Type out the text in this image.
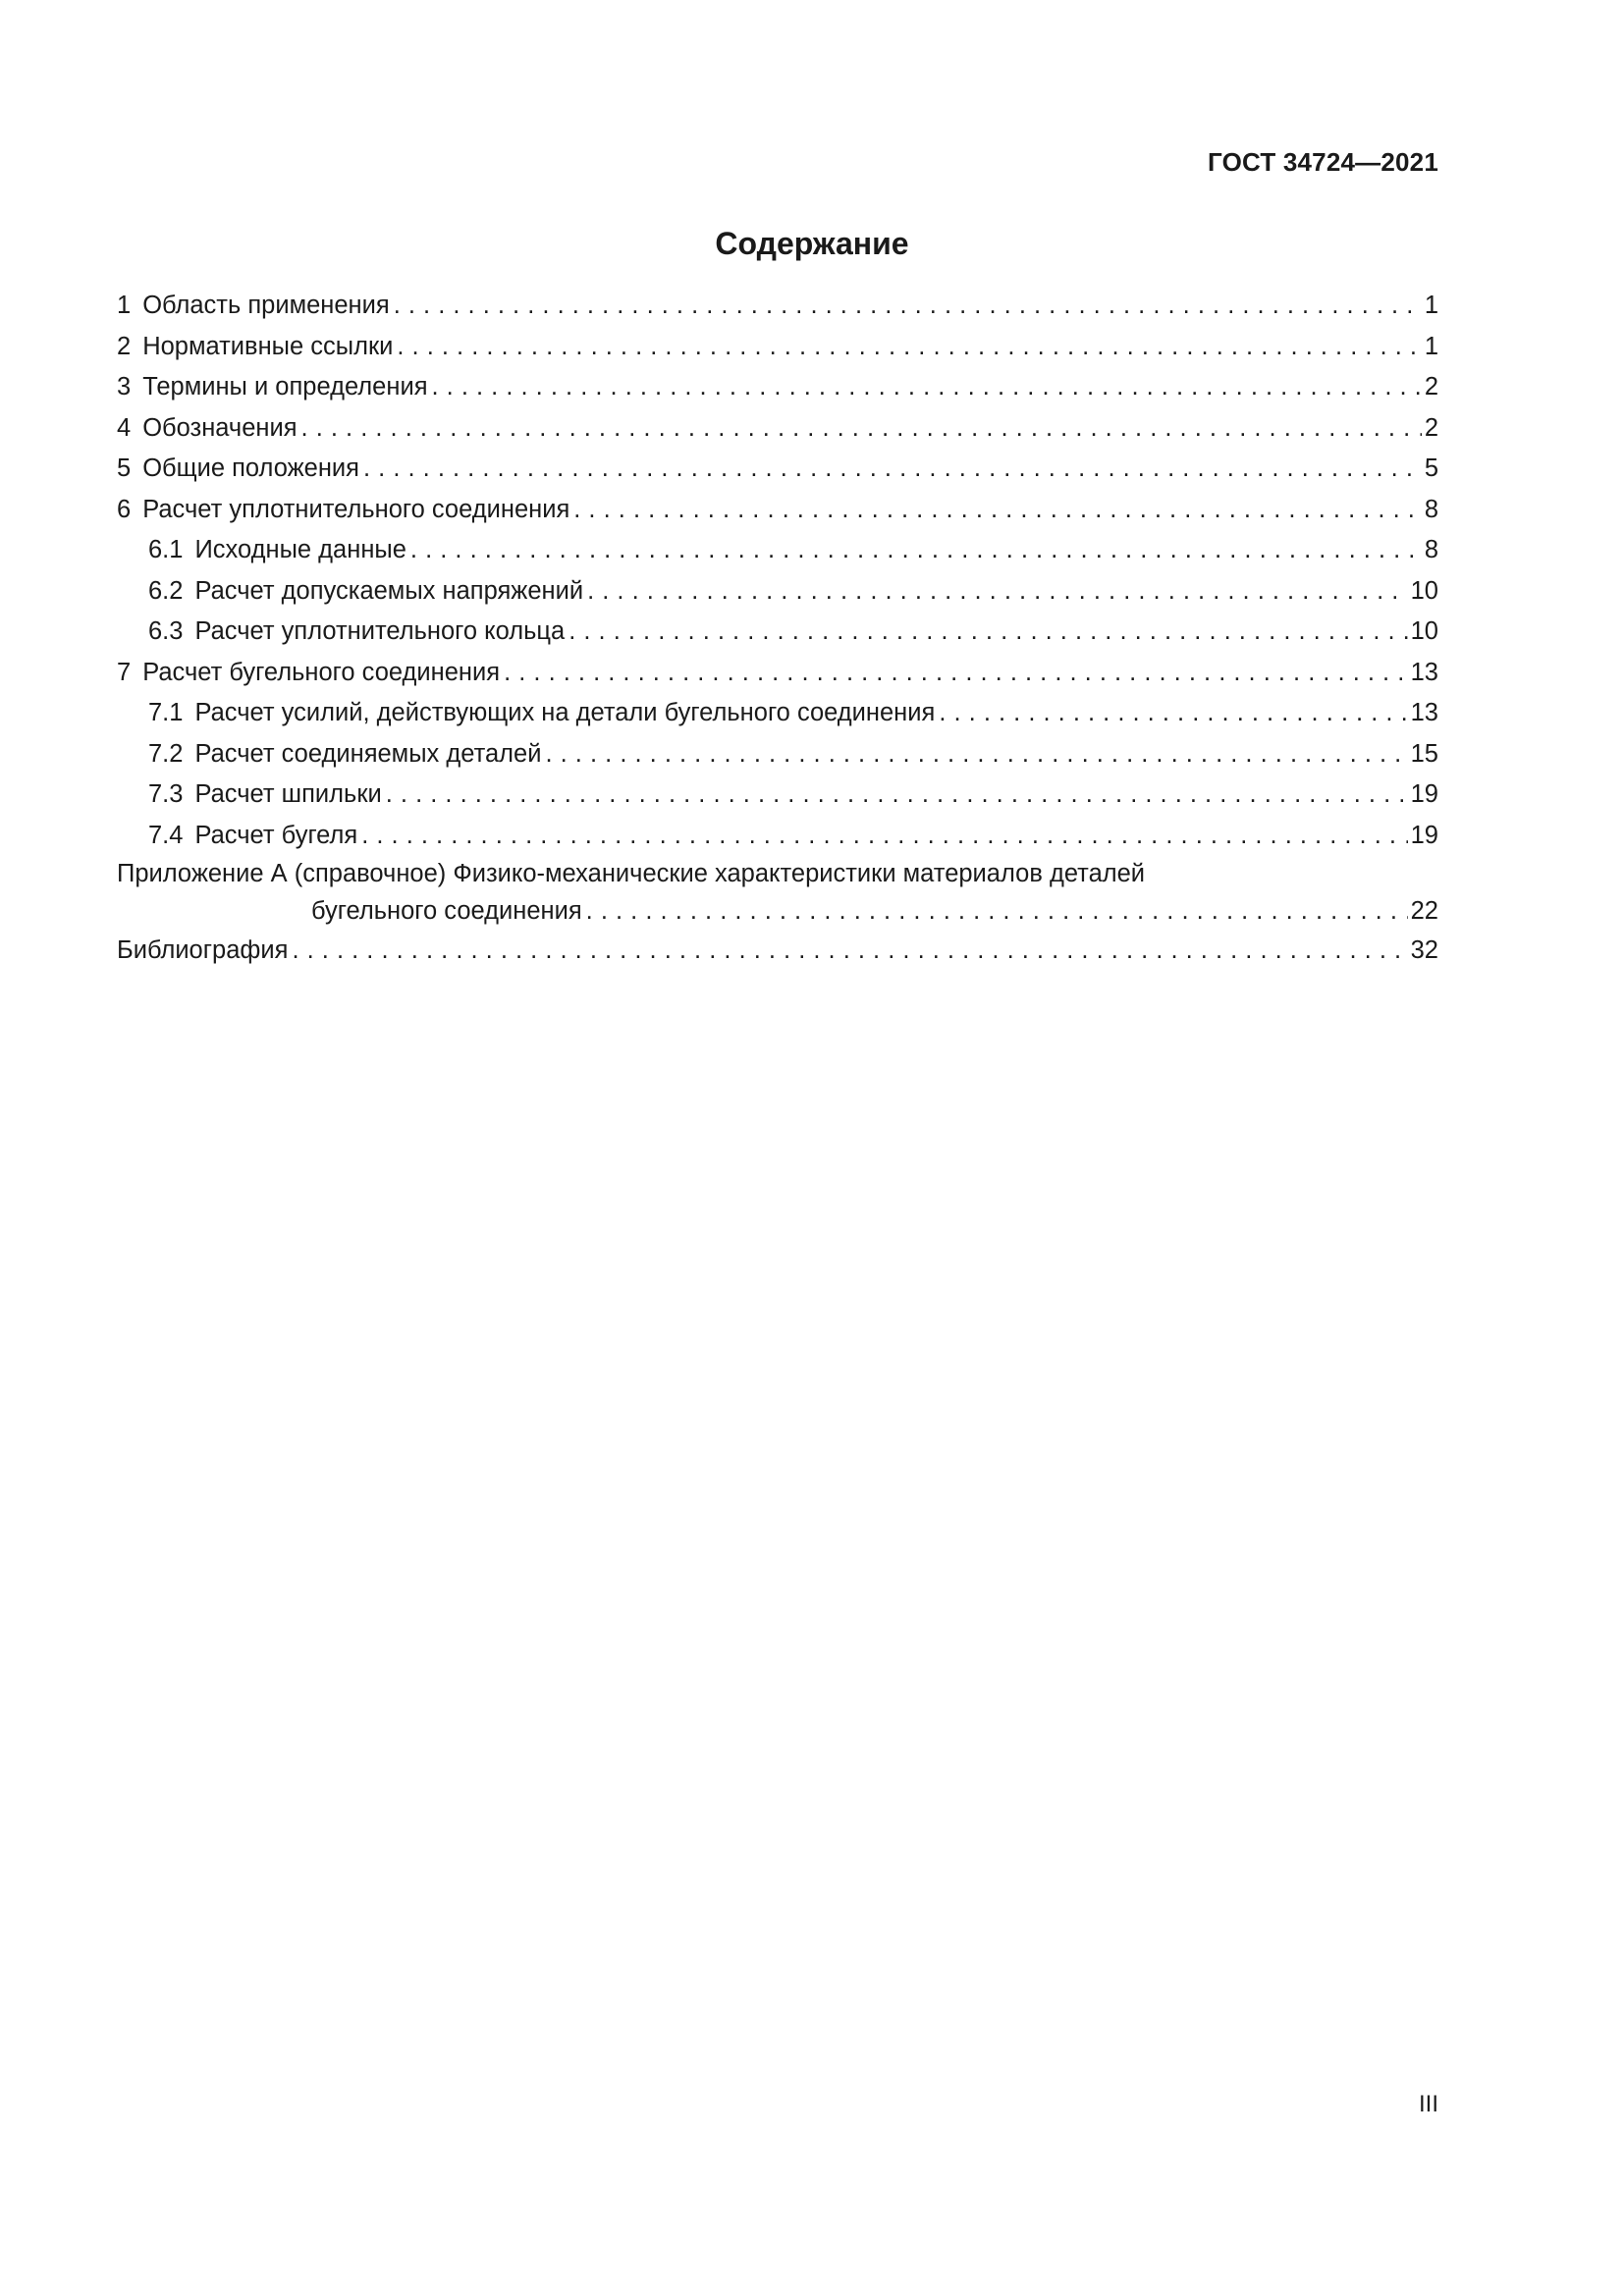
ГОСТ 34724—2021
Содержание
1 Область применения . . .	1
2 Нормативные ссылки . . .	1
3 Термины и определения . . .	2
4 Обозначения . . .	2
5 Общие положения . . .	5
6 Расчет уплотнительного соединения . . .	8
6.1 Исходные данные . . .	8
6.2 Расчет допускаемых напряжений . . .	10
6.3 Расчет уплотнительного кольца . . .	10
7 Расчет бугельного соединения . . .	13
7.1 Расчет усилий, действующих на детали бугельного соединения . . .	13
7.2 Расчет соединяемых деталей . . .	15
7.3 Расчет шпильки . . .	19
7.4 Расчет бугеля . . .	19
Приложение А (справочное) Физико-механические характеристики материалов деталей
бугельного соединения . . .	22
Библиография . . .	32
III
